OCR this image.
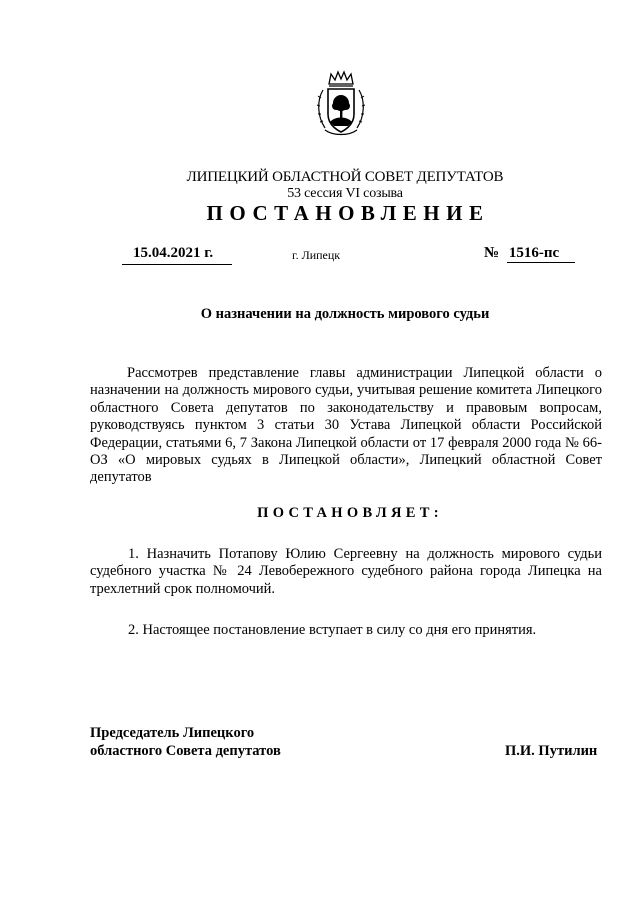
ЛИПЕЦКИЙ ОБЛАСТНОЙ СОВЕТ ДЕПУТАТОВ
53 сессия VI созыва
ПОСТАНОВЛЕНИЕ
15.04.2021 г.	г. Липецк	№ 1516-пс
О назначении на должность мирового судьи
Рассмотрев представление главы администрации Липецкой области о назначении на должность мирового судьи, учитывая решение комитета Липецкого областного Совета депутатов по законодательству и правовым вопросам, руководствуясь пунктом 3 статьи 30 Устава Липецкой области Российской Федерации, статьями 6, 7 Закона Липецкой области от 17 февраля 2000 года № 66-ОЗ «О мировых судьях в Липецкой области», Липецкий областной Совет депутатов
ПОСТАНОВЛЯЕТ:
1. Назначить Потапову Юлию Сергеевну на должность мирового судьи судебного участка № 24 Левобережного судебного района города Липецка на трехлетний срок полномочий.
2. Настоящее постановление вступает в силу со дня его принятия.
Председатель Липецкого
областного Совета депутатов	П.И. Путилин
